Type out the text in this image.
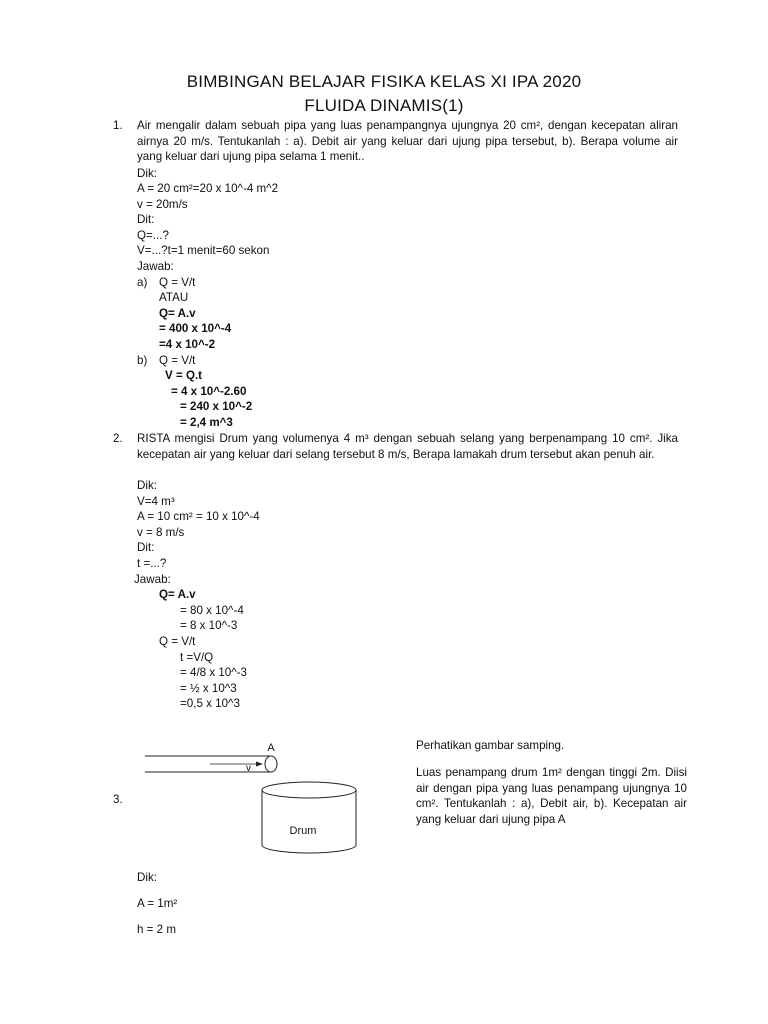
BIMBINGAN BELAJAR FISIKA KELAS XI IPA 2020
FLUIDA DINAMIS(1)
1. Air mengalir dalam sebuah pipa yang luas penampangnya ujungnya 20 cm², dengan kecepatan aliran airnya 20 m/s. Tentukanlah : a). Debit air yang keluar dari ujung pipa tersebut, b). Berapa volume air yang keluar dari ujung pipa selama 1 menit..
Dik:
A = 20 cm²=20 x 10^-4 m^2
v = 20m/s
Dit:
Q=...?
V=...?t=1 menit=60 sekon
Jawab:
a) Q = V/t
ATAU
Q= A.v
= 400 x 10^-4
=4 x 10^-2
b) Q = V/t
V = Q.t
= 4 x 10^-2.60
= 240 x 10^-2
= 2,4 m^3
2. RISTA mengisi Drum yang volumenya 4 m³ dengan sebuah selang yang berpenampang 10 cm². Jika kecepatan air yang keluar dari selang tersebut 8 m/s, Berapa lamakah drum tersebut akan penuh air.
Dik:
V=4 m³
A = 10 cm² = 10 x 10^-4
v = 8 m/s
Dit:
t =...?
Jawab:
Q= A.v
= 80 x 10^-4
= 8 x 10^-3
Q = V/t
t =V/Q
= 4/8 x 10^-3
= ½ x 10^3
=0,5 x 10^3
3.
A
v
Drum
Perhatikan gambar samping.
Luas penampang drum 1m² dengan tinggi 2m. Diisi air dengan pipa yang luas penampang ujungnya 10 cm². Tentukanlah : a), Debit air, b). Kecepatan air yang keluar dari ujung pipa A
Dik:
A = 1m²
h = 2 m
